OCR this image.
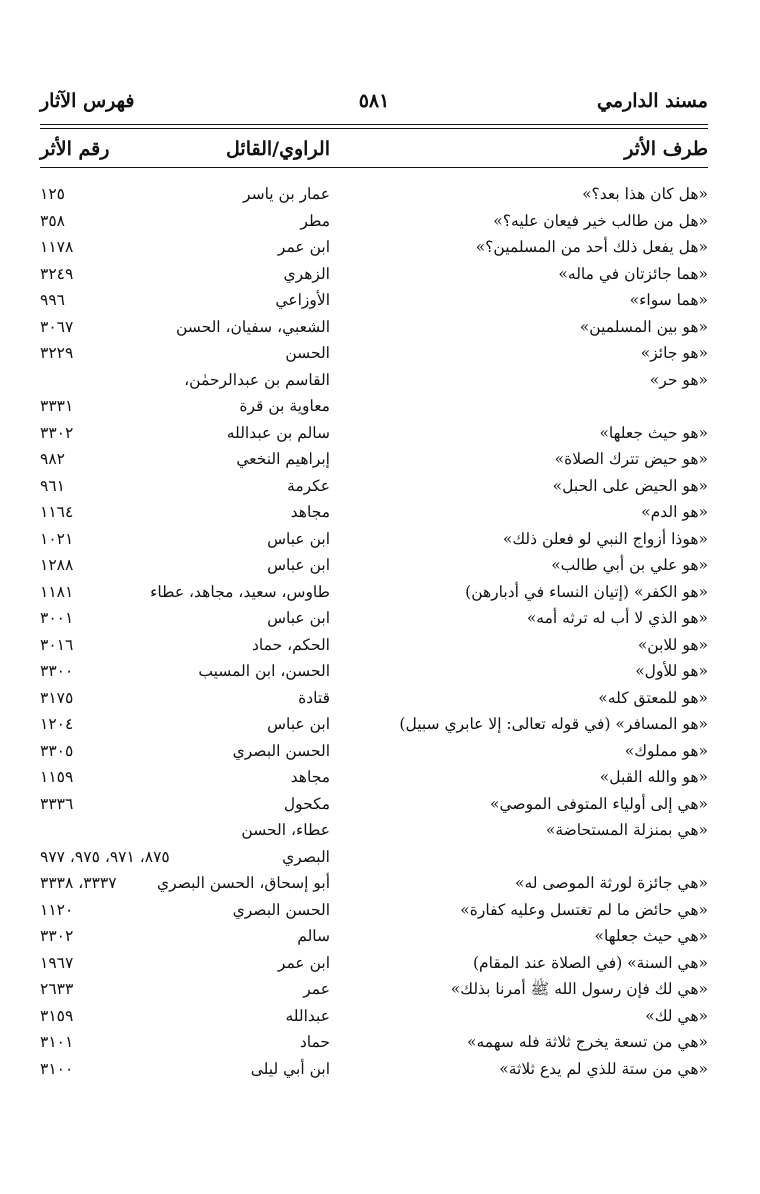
مسند الدارمي
٥٨١
فهرس الآثار
طرف الأثر
الراوي/القائل
رقم الأثر
«هل كان هذا بعد؟»
عمار بن ياسر
١٢٥
«هل من طالب خير فيعان عليه؟»
مطر
٣٥٨
«هل يفعل ذلك أحد من المسلمين؟»
ابن عمر
١١٧٨
«هما جائزتان في ماله»
الزهري
٣٢٤٩
«هما سواء»
الأوزاعي
٩٩٦
«هو بين المسلمين»
الشعبي، سفيان، الحسن
٣٠٦٧
«هو جائز»
الحسن
٣٢٢٩
«هو حر»
القاسم بن عبدالرحمٰن،
معاوية بن قرة
٣٣٣١
«هو حيث جعلها»
سالم بن عبدالله
٣٣٠٢
«هو حيض تترك الصلاة»
إبراهيم النخعي
٩٨٢
«هو الحيض على الحبل»
عكرمة
٩٦١
«هو الدم»
مجاهد
١١٦٤
«هوذا أزواج النبي لو فعلن ذلك»
ابن عباس
١٠٢١
«هو علي بن أبي طالب»
ابن عباس
١٢٨٨
«هو الكفر» (إتيان النساء في أدبارهن)
طاوس، سعيد، مجاهد، عطاء
١١٨١
«هو الذي لا أب له ترثه أمه»
ابن عباس
٣٠٠١
«هو للابن»
الحكم، حماد
٣٠١٦
«هو للأول»
الحسن، ابن المسيب
٣٣٠٠
«هو للمعتق كله»
قتادة
٣١٧٥
«هو المسافر» (في قوله تعالى: إلا عابري سبيل)
ابن عباس
١٢٠٤
«هو مملوك»
الحسن البصري
٣٣٠٥
«هو والله القبل»
مجاهد
١١٥٩
«هي إلى أولياء المتوفى الموصي»
مكحول
٣٣٣٦
«هي بمنزلة المستحاضة»
عطاء، الحسن
البصري
٨٧٥، ٩٧١، ٩٧٥، ٩٧٧
«هي جائزة لورثة الموصى له»
أبو إسحاق، الحسن البصري
٣٣٣٧، ٣٣٣٨
«هي حائض ما لم تغتسل وعليه كفارة»
الحسن البصري
١١٢٠
«هي حيث جعلها»
سالم
٣٣٠٢
«هي السنة» (في الصلاة عند المقام)
ابن عمر
١٩٦٧
«هي لك فإن رسول الله ﷺ أمرنا بذلك»
عمر
٢٦٣٣
«هي لك»
عبدالله
٣١٥٩
«هي من تسعة يخرج ثلاثة فله سهمه»
حماد
٣١٠١
«هي من ستة للذي لم يدع ثلاثة»
ابن أبي ليلى
٣١٠٠
